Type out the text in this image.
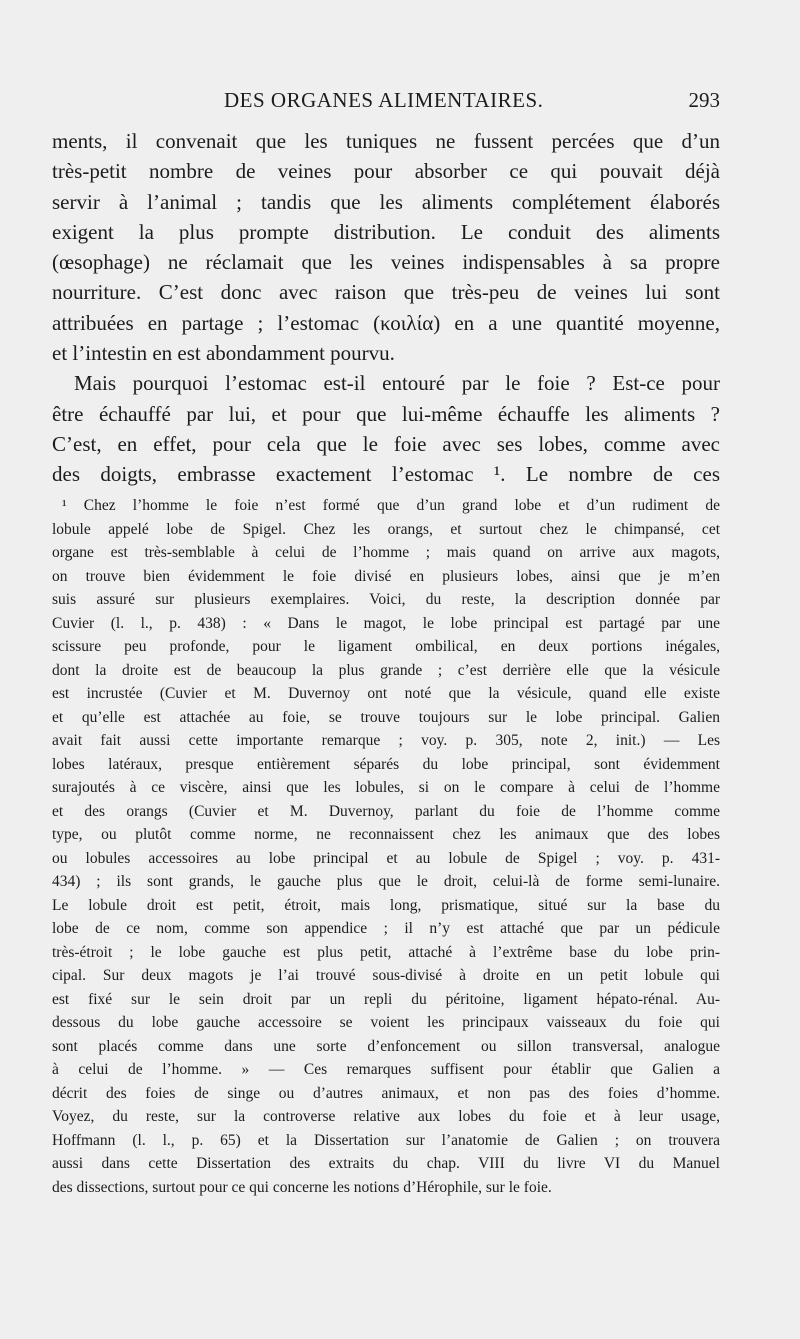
DES ORGANES ALIMENTAIRES.	293
ments, il convenait que les tuniques ne fussent percées que d’un
très-petit nombre de veines pour absorber ce qui pouvait déjà
servir à l’animal ; tandis que les aliments complétement élaborés
exigent la plus prompte distribution. Le conduit des aliments
(œsophage) ne réclamait que les veines indispensables à sa propre
nourriture. C’est donc avec raison que très-peu de veines lui sont
attribuées en partage ; l’estomac (κοιλία) en a une quantité moyenne,
et l’intestin en est abondamment pourvu.
Mais pourquoi l’estomac est-il entouré par le foie ? Est-ce pour
être échauffé par lui, et pour que lui-même échauffe les aliments ?
C’est, en effet, pour cela que le foie avec ses lobes, comme avec
des doigts, embrasse exactement l’estomac ¹. Le nombre de ces
¹ Chez l’homme le foie n’est formé que d’un grand lobe et d’un rudiment de
lobule appelé lobe de Spigel. Chez les orangs, et surtout chez le chimpansé, cet
organe est très-semblable à celui de l’homme ; mais quand on arrive aux magots,
on trouve bien évidemment le foie divisé en plusieurs lobes, ainsi que je m’en
suis assuré sur plusieurs exemplaires. Voici, du reste, la description donnée par
Cuvier (l. l., p. 438) : « Dans le magot, le lobe principal est partagé par une
scissure peu profonde, pour le ligament ombilical, en deux portions inégales,
dont la droite est de beaucoup la plus grande ; c’est derrière elle que la vésicule
est incrustée (Cuvier et M. Duvernoy ont noté que la vésicule, quand elle existe
et qu’elle est attachée au foie, se trouve toujours sur le lobe principal. Galien
avait fait aussi cette importante remarque ; voy. p. 305, note 2, init.) — Les
lobes latéraux, presque entièrement séparés du lobe principal, sont évidemment
surajoutés à ce viscère, ainsi que les lobules, si on le compare à celui de l’homme
et des orangs (Cuvier et M. Duvernoy, parlant du foie de l’homme comme
type, ou plutôt comme norme, ne reconnaissent chez les animaux que des lobes
ou lobules accessoires au lobe principal et au lobule de Spigel ; voy. p. 431-
434) ; ils sont grands, le gauche plus que le droit, celui-là de forme semi-lunaire.
Le lobule droit est petit, étroit, mais long, prismatique, situé sur la base du
lobe de ce nom, comme son appendice ; il n’y est attaché que par un pédicule
très-étroit ; le lobe gauche est plus petit, attaché à l’extrême base du lobe prin-
cipal. Sur deux magots je l’ai trouvé sous-divisé à droite en un petit lobule qui
est fixé sur le sein droit par un repli du péritoine, ligament hépato-rénal. Au-
dessous du lobe gauche accessoire se voient les principaux vaisseaux du foie qui
sont placés comme dans une sorte d’enfoncement ou sillon transversal, analogue
à celui de l’homme. » — Ces remarques suffisent pour établir que Galien a
décrit des foies de singe ou d’autres animaux, et non pas des foies d’homme.
Voyez, du reste, sur la controverse relative aux lobes du foie et à leur usage,
Hoffmann (l. l., p. 65) et la Dissertation sur l’anatomie de Galien ; on trouvera
aussi dans cette Dissertation des extraits du chap. VIII du livre VI du Manuel
des dissections, surtout pour ce qui concerne les notions d’Hérophile, sur le foie.
